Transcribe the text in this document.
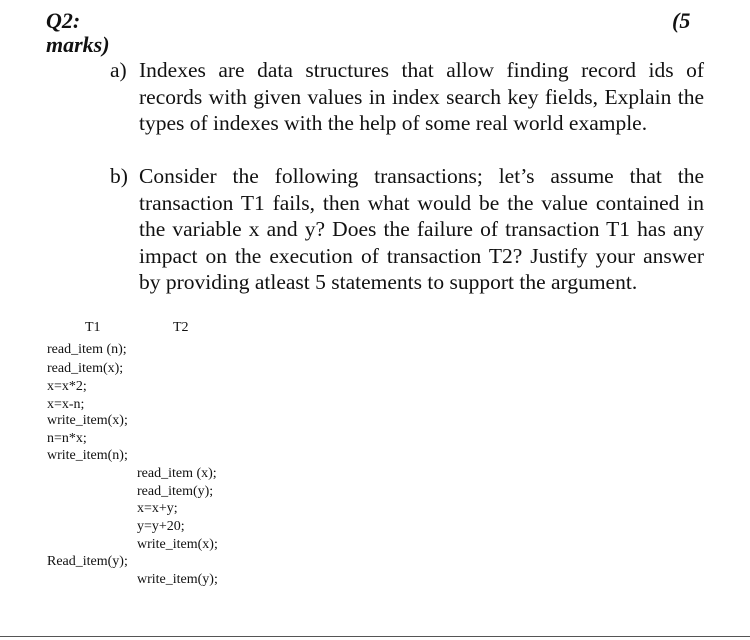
Q2:	(5
marks)
a) Indexes are data structures that allow finding record ids of records with given values in index search key fields, Explain the types of indexes with the help of some real world example.
b) Consider the following transactions; let’s assume that the transaction T1 fails, then what would be the value contained in the variable x and y? Does the failure of transaction T1 has any impact on the execution of transaction T2? Justify your answer by providing atleast 5 statements to support the argument.
T1	T2
read_item (n);
read_item(x);
x=x*2;
x=x-n;
write_item(x);
n=n*x;
write_item(n);
read_item (x);
read_item(y);
x=x+y;
y=y+20;
write_item(x);
Read_item(y);
write_item(y);
